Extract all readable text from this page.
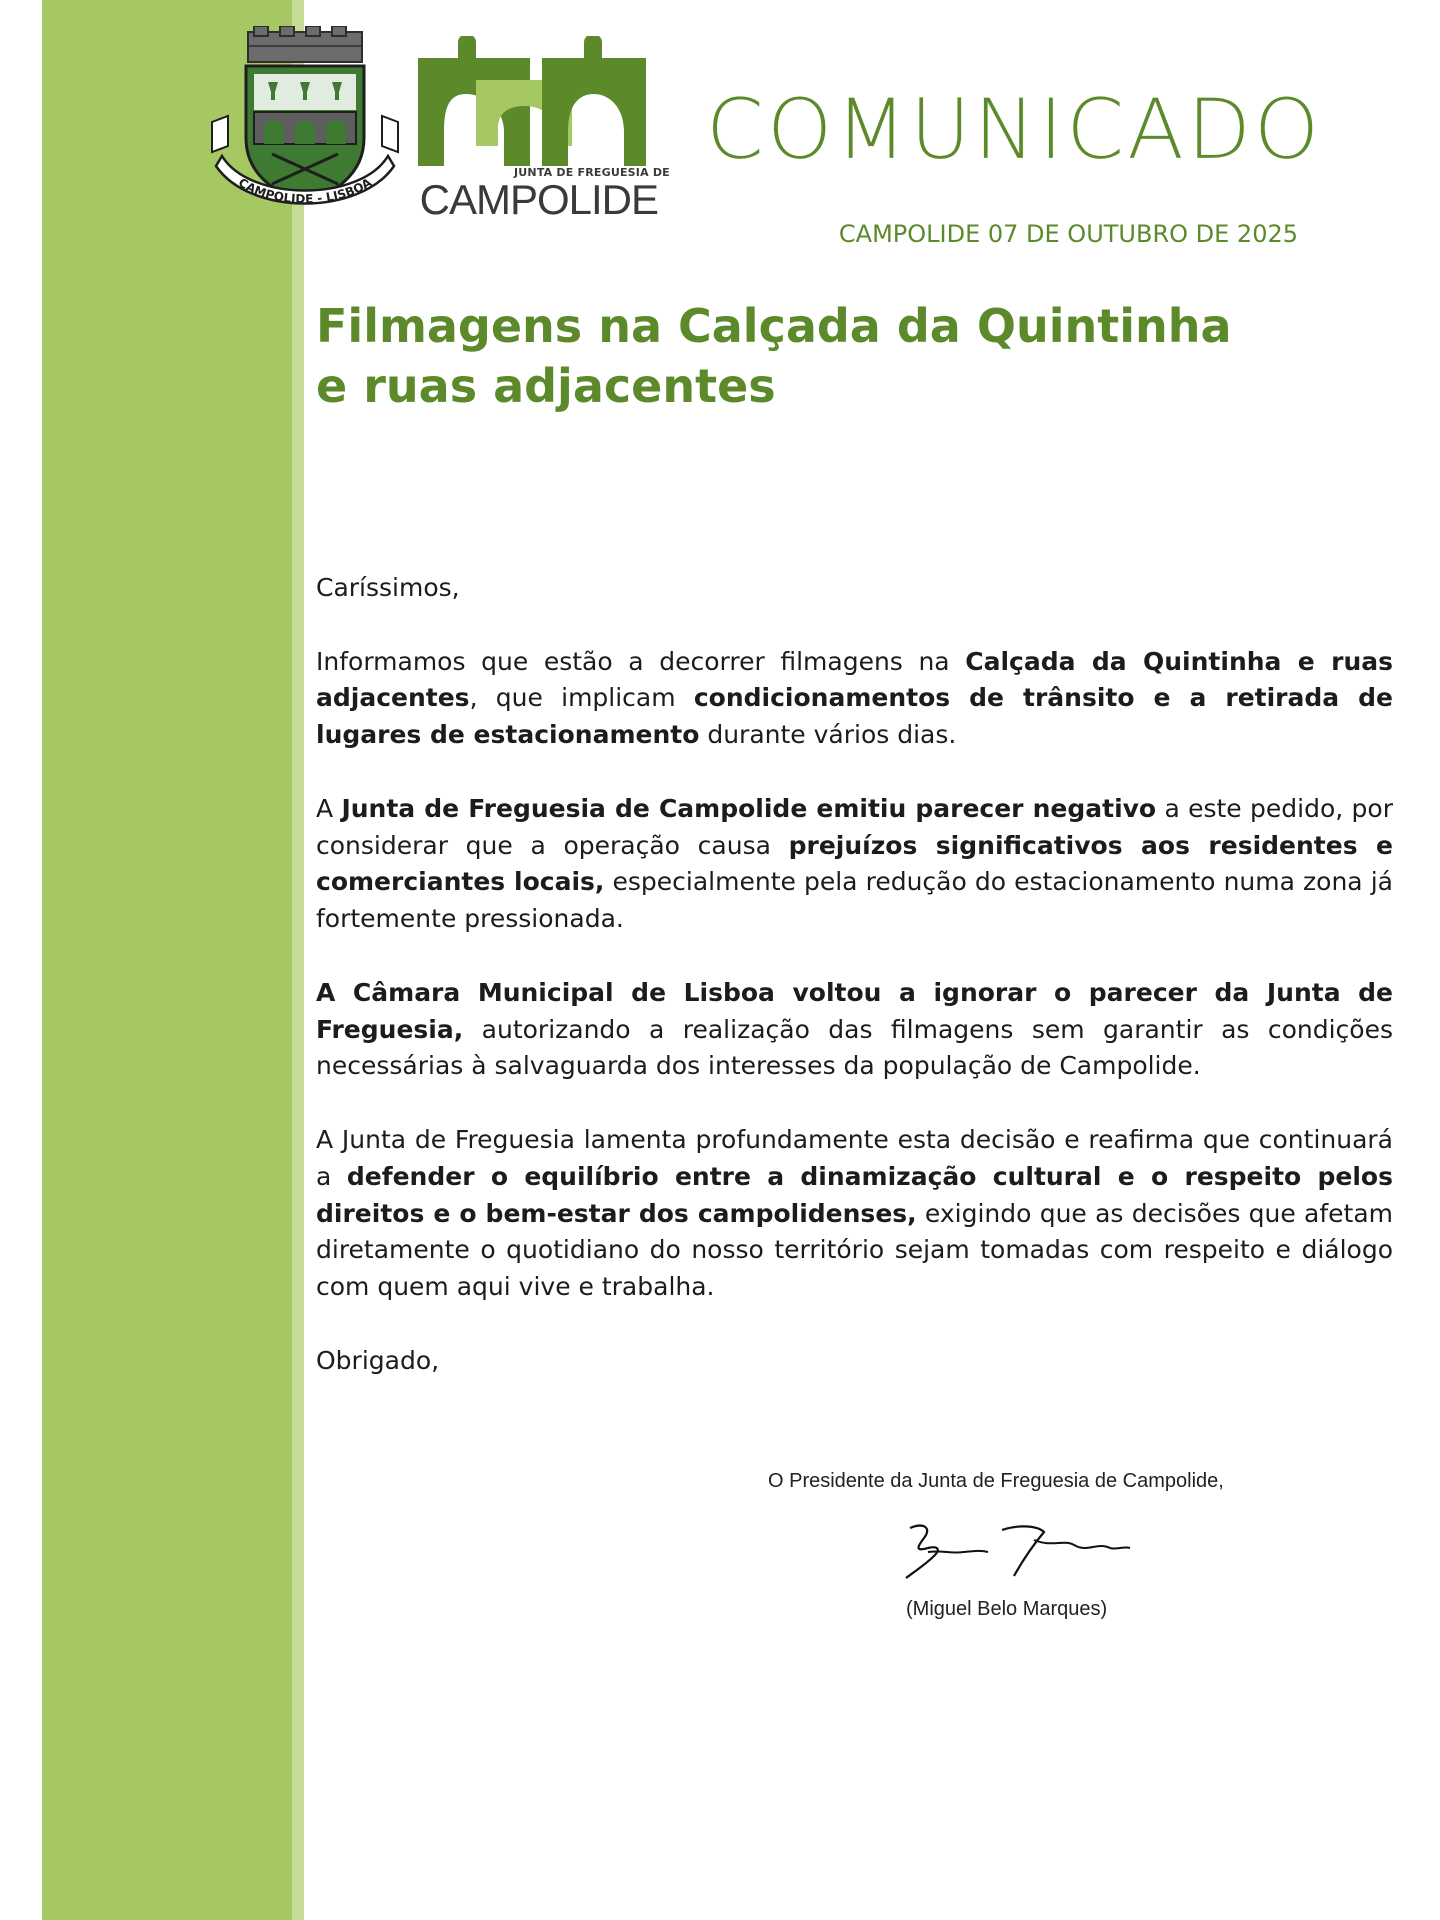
CAMPOLIDE - LISBOA
JUNTA DE FREGUESIA DE
CAMPOLIDE
COMUNICADO
CAMPOLIDE 07 DE OUTUBRO DE 2025
Filmagens na Calçada da Quintinha
e ruas adjacentes

Caríssimos,

Informamos que estão a decorrer filmagens na Calçada da Quintinha e ruas adjacentes, que implicam condicionamentos de trânsito e a retirada de lugares de estacionamento durante vários dias.

A Junta de Freguesia de Campolide emitiu parecer negativo a este pedido, por considerar que a operação causa prejuízos significativos aos residentes e comerciantes locais, especialmente pela redução do estacionamento numa zona já fortemente pressionada.

A Câmara Municipal de Lisboa voltou a ignorar o parecer da Junta de Freguesia, autorizando a realização das filmagens sem garantir as condições necessárias à salvaguarda dos interesses da população de Campolide.

A Junta de Freguesia lamenta profundamente esta decisão e reafirma que continuará a defender o equilíbrio entre a dinamização cultural e o respeito pelos direitos e o bem-estar dos campolidenses, exigindo que as decisões que afetam diretamente o quotidiano do nosso território sejam tomadas com respeito e diálogo com quem aqui vive e trabalha.

Obrigado,

O Presidente da Junta de Freguesia de Campolide,
(Miguel Belo Marques)
